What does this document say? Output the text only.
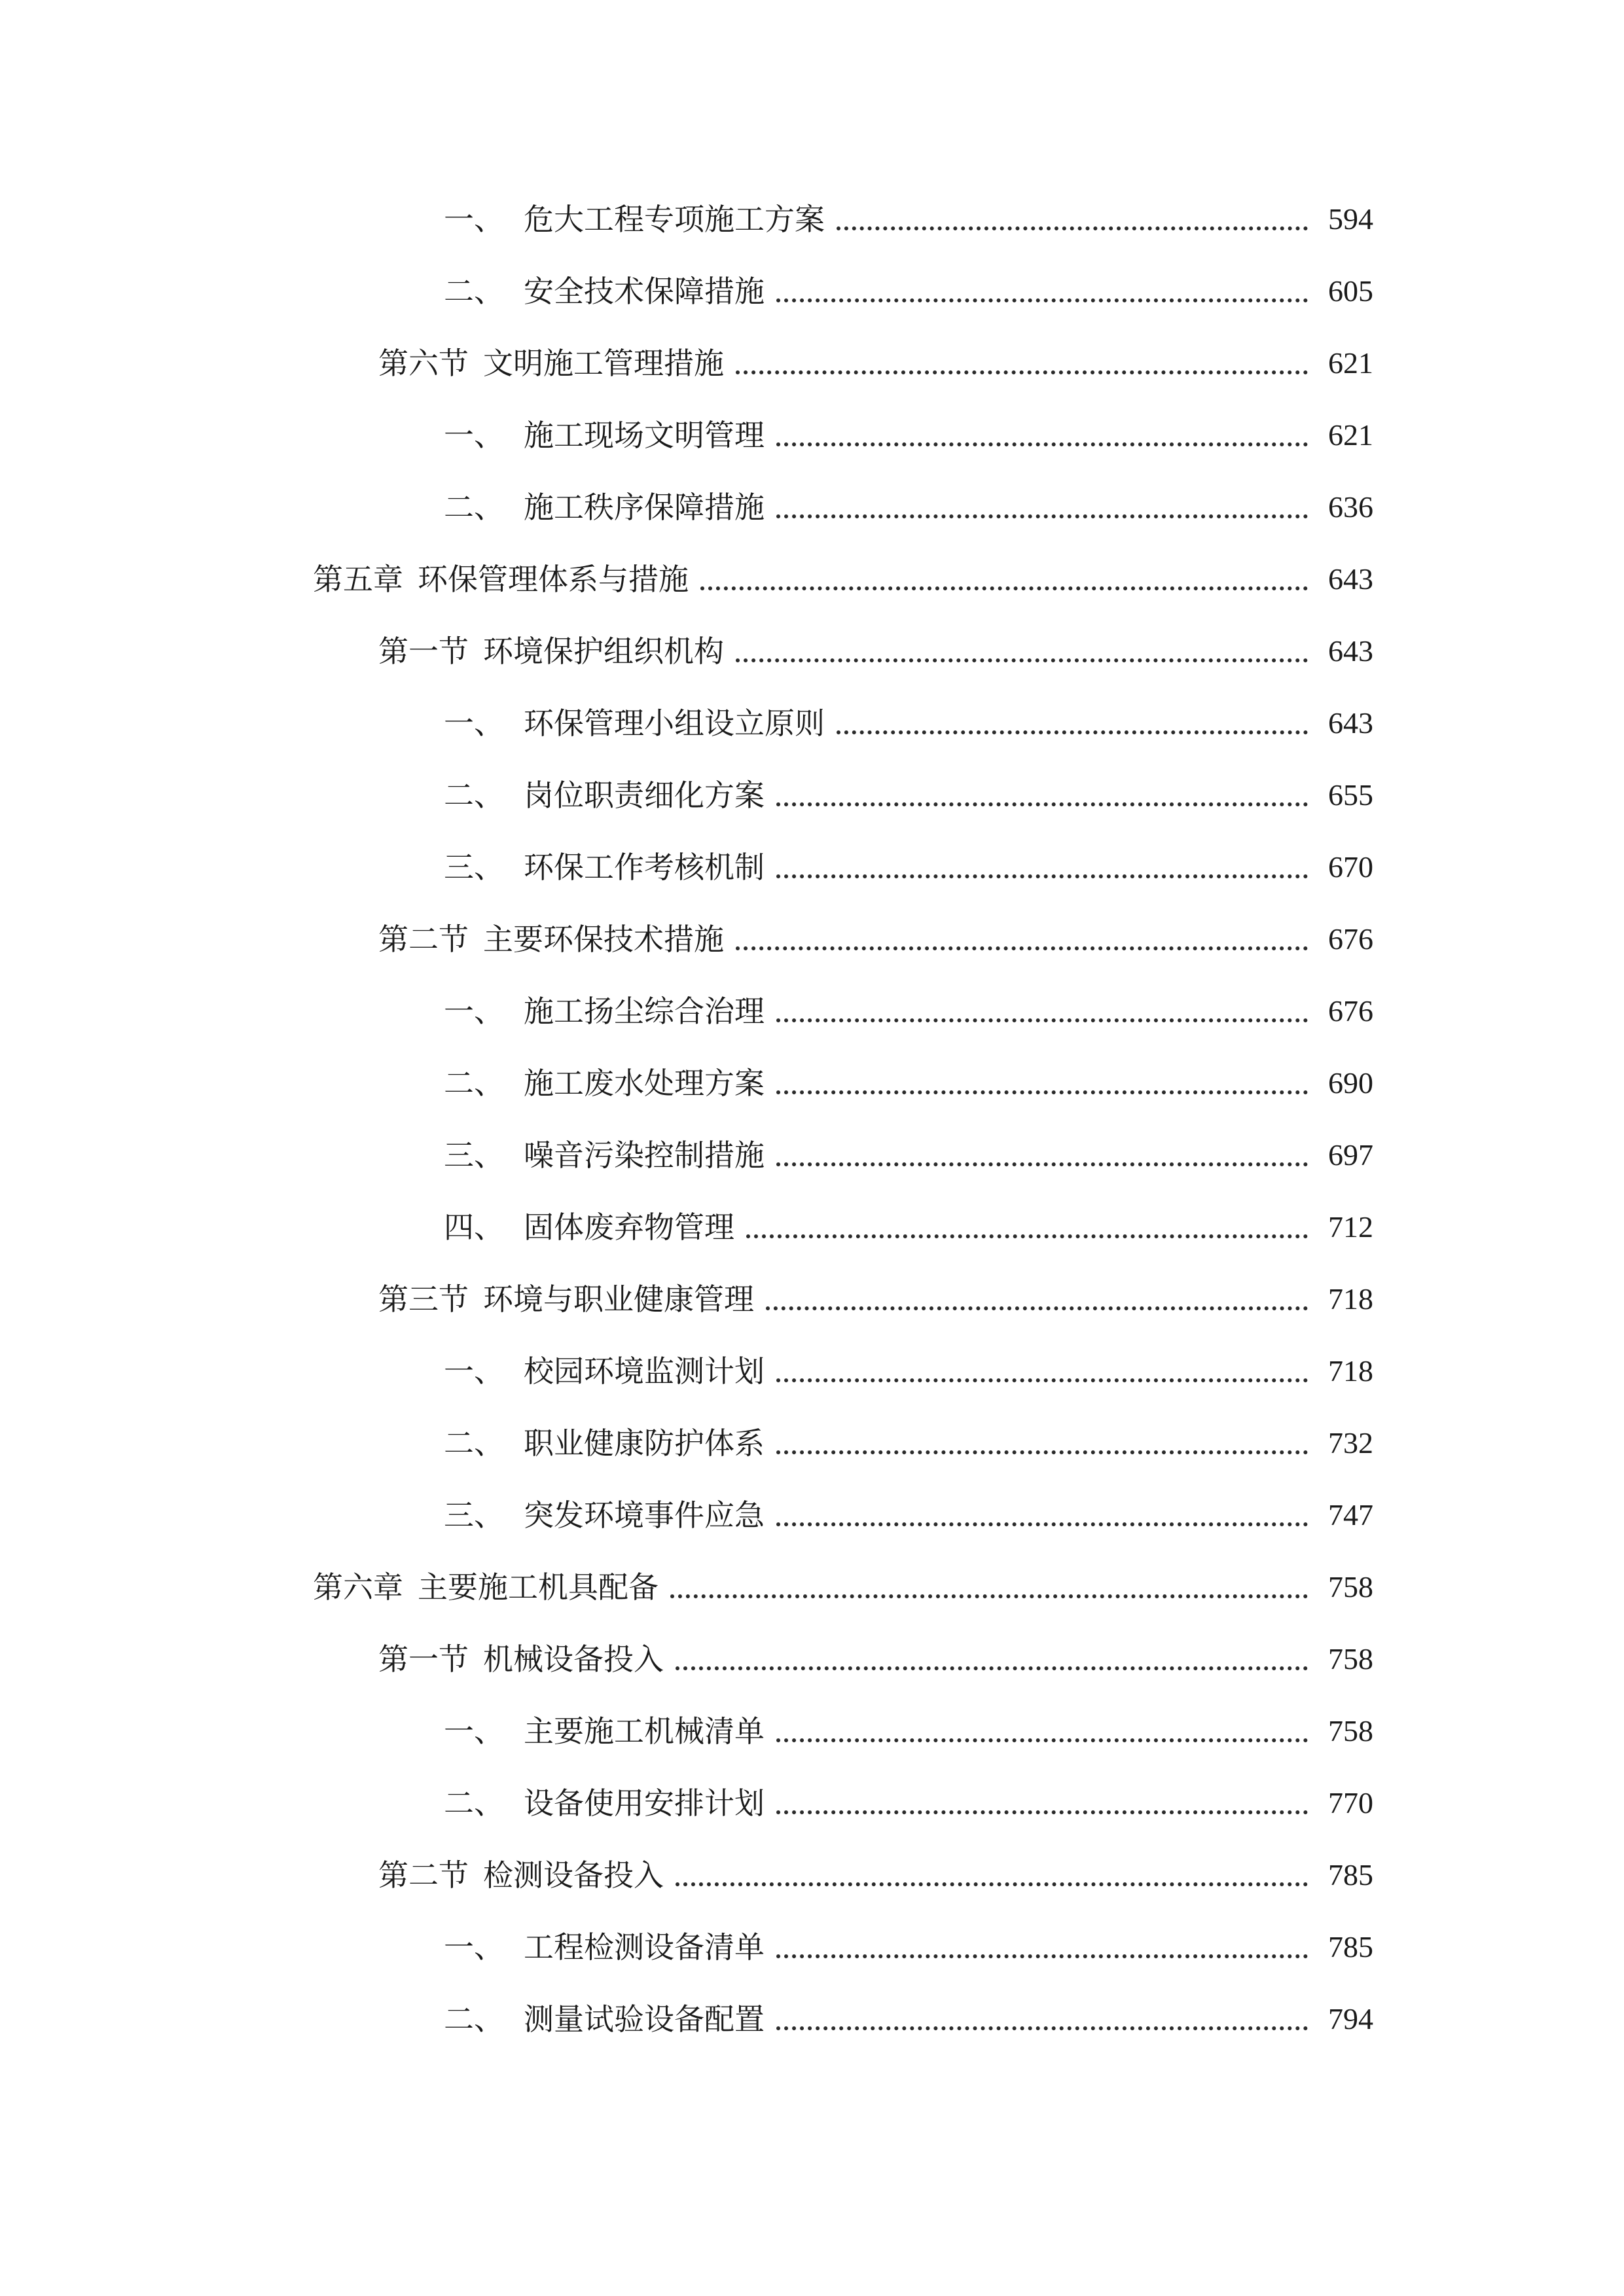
一、 危大工程专项施工方案	594
二、 安全技术保障措施	605
第六节 文明施工管理措施	621
一、 施工现场文明管理	621
二、 施工秩序保障措施	636
第五章 环保管理体系与措施	643
第一节 环境保护组织机构	643
一、 环保管理小组设立原则	643
二、 岗位职责细化方案	655
三、 环保工作考核机制	670
第二节 主要环保技术措施	676
一、 施工扬尘综合治理	676
二、 施工废水处理方案	690
三、 噪音污染控制措施	697
四、 固体废弃物管理	712
第三节 环境与职业健康管理	718
一、 校园环境监测计划	718
二、 职业健康防护体系	732
三、 突发环境事件应急	747
第六章 主要施工机具配备	758
第一节 机械设备投入	758
一、 主要施工机械清单	758
二、 设备使用安排计划	770
第二节 检测设备投入	785
一、 工程检测设备清单	785
二、 测量试验设备配置	794
